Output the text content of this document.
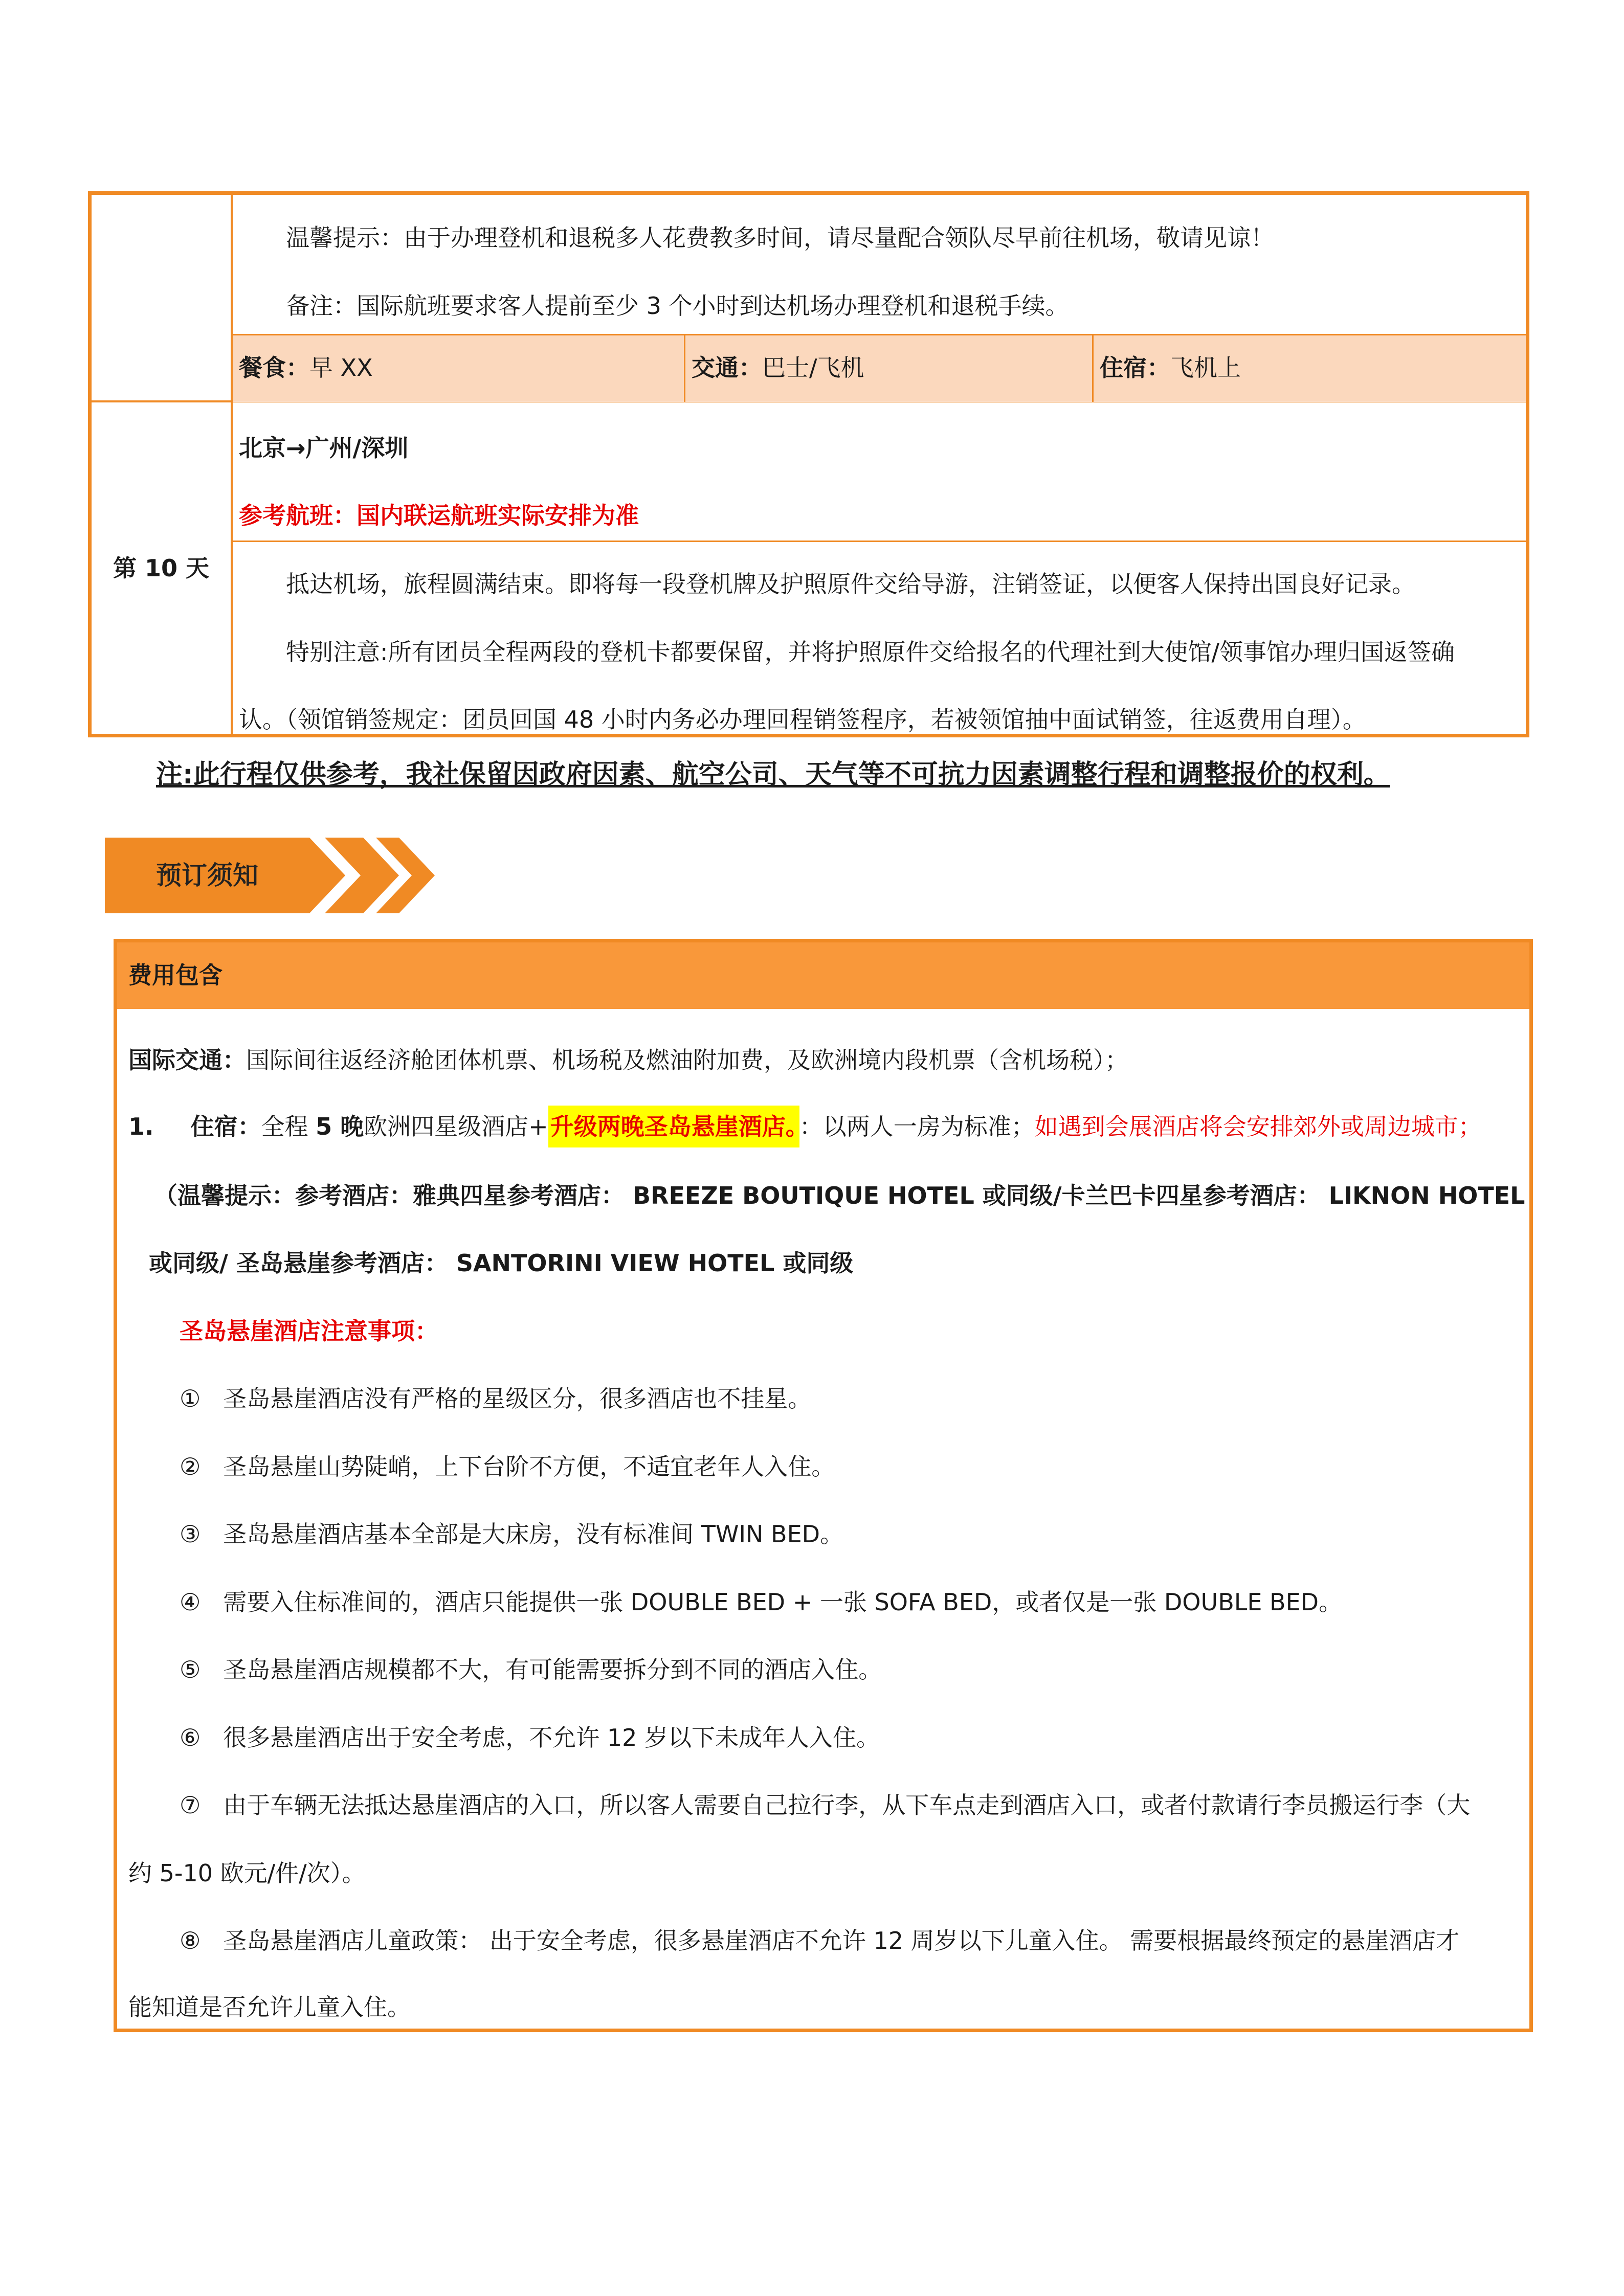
温馨提示：由于办理登机和退税多人花费教多时间，请尽量配合领队尽早前往机场，敬请见谅！
备注：国际航班要求客人提前至少 3 个小时到达机场办理登机和退税手续。
餐食：早 XX	交通：巴士/飞机	住宿：飞机上
第 10 天
北京→广州/深圳
参考航班：国内联运航班实际安排为准
抵达机场，旅程圆满结束。即将每一段登机牌及护照原件交给导游，注销签证，以便客人保持出国良好记录。
特别注意:所有团员全程两段的登机卡都要保留，并将护照原件交给报名的代理社到大使馆/领事馆办理归国返签确
认。（领馆销签规定：团员回国 48 小时内务必办理回程销签程序，若被领馆抽中面试销签，往返费用自理）。
注:此行程仅供参考，我社保留因政府因素、航空公司、天气等不可抗力因素调整行程和调整报价的权利。
预订须知
费用包含
国际交通：国际间往返经济舱团体机票、机场税及燃油附加费，及欧洲境内段机票（含机场税）；
1. 住宿：全程 5 晚欧洲四星级酒店+升级两晚圣岛悬崖酒店。：以两人一房为标准；如遇到会展酒店将会安排郊外或周边城市；
（温馨提示：参考酒店：雅典四星参考酒店： BREEZE BOUTIQUE HOTEL 或同级/卡兰巴卡四星参考酒店： LIKNON HOTEL
或同级/ 圣岛悬崖参考酒店： SANTORINI VIEW HOTEL 或同级
圣岛悬崖酒店注意事项：
① 圣岛悬崖酒店没有严格的星级区分，很多酒店也不挂星。
② 圣岛悬崖山势陡峭，上下台阶不方便，不适宜老年人入住。
③ 圣岛悬崖酒店基本全部是大床房，没有标准间 TWIN BED。
④ 需要入住标准间的，酒店只能提供一张 DOUBLE BED + 一张 SOFA BED，或者仅是一张 DOUBLE BED。
⑤ 圣岛悬崖酒店规模都不大，有可能需要拆分到不同的酒店入住。
⑥ 很多悬崖酒店出于安全考虑，不允许 12 岁以下未成年人入住。
⑦ 由于车辆无法抵达悬崖酒店的入口，所以客人需要自己拉行李，从下车点走到酒店入口，或者付款请行李员搬运行李（大
约 5-10 欧元/件/次）。
⑧ 圣岛悬崖酒店儿童政策： 出于安全考虑，很多悬崖酒店不允许 12 周岁以下儿童入住。 需要根据最终预定的悬崖酒店才
能知道是否允许儿童入住。
